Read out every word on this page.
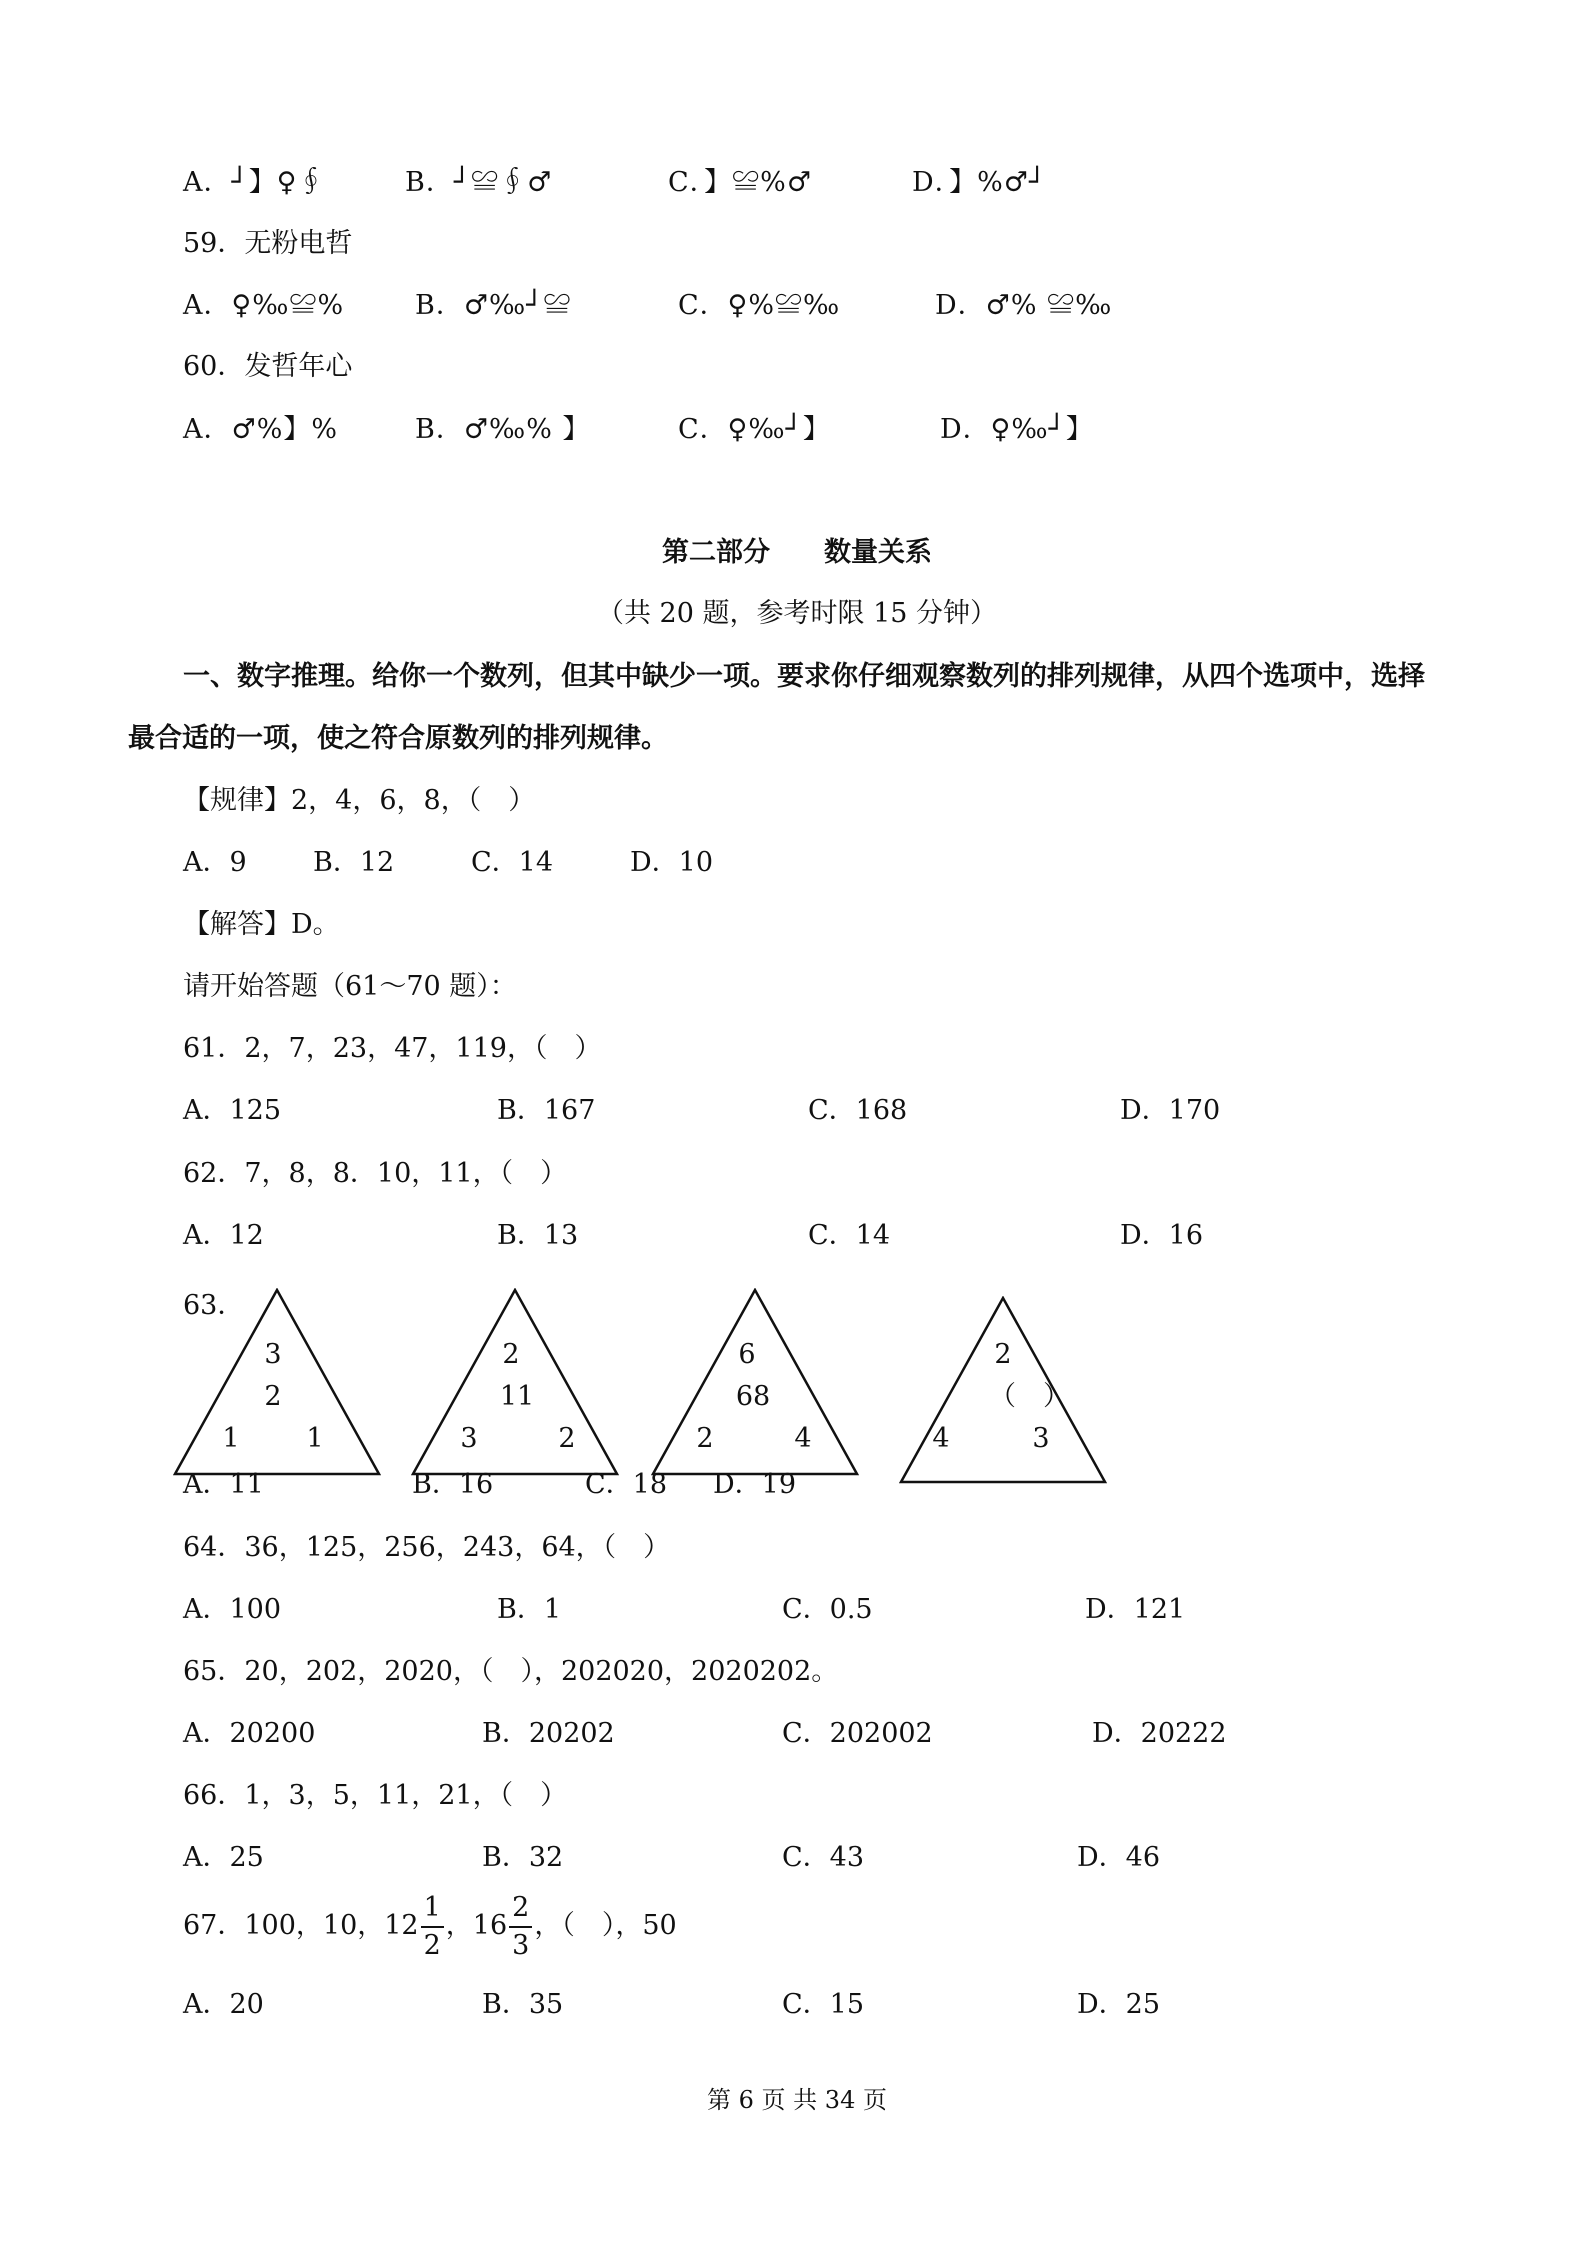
A．┘】♀∮	B．┘≌∮♂	C．】≌%♂	D．】%♂┘
59．无粉电哲
A．♀‰≌%	B．♂‰┘≌	C．♀%≌‰	D．♂% ≌‰
60．发哲年心
A．♂%】%	B．♂‰% 】	C．♀‰┘】	D．♀‰┘】
第二部分　　数量关系
（共 20 题，参考时限 15 分钟）
一、数字推理。给你一个数列，但其中缺少一项。要求你仔细观察数列的排列规律，从四个选项中，选择
最合适的一项，使之符合原数列的排列规律。
【规律】2，4，6，8，（　）
A．9 B．12	C．14	D．10
【解答】D。
请开始答题（61～70 题）：
61．2，7，23，47，119，（　）
A．125	B．167	C．168	D．170
62．7，8，8．10，11，（　）
A．12	B．13	C．14	D．16
63．
3
2
1	1
2
11
3	2
6
68
2	4
2
（　）
4	3
A．11	B．16	C．18 D．19
64．36，125，256，243，64，（　）
A．100	B．1	C．0.5	D．121
65．20，202，2020，（　），202020，2020202。
A．20200	B．20202	C．202002	D．20222
66．1，3，5，11，21，（　）
A．25	B．32	C．43	D．46
67．100，10，$12 \frac{1}{2}$ ，$16 \frac{2}{3}$ ，（　），50
A．20	B．35	C．15	D．25
第 6 页 共 34 页
